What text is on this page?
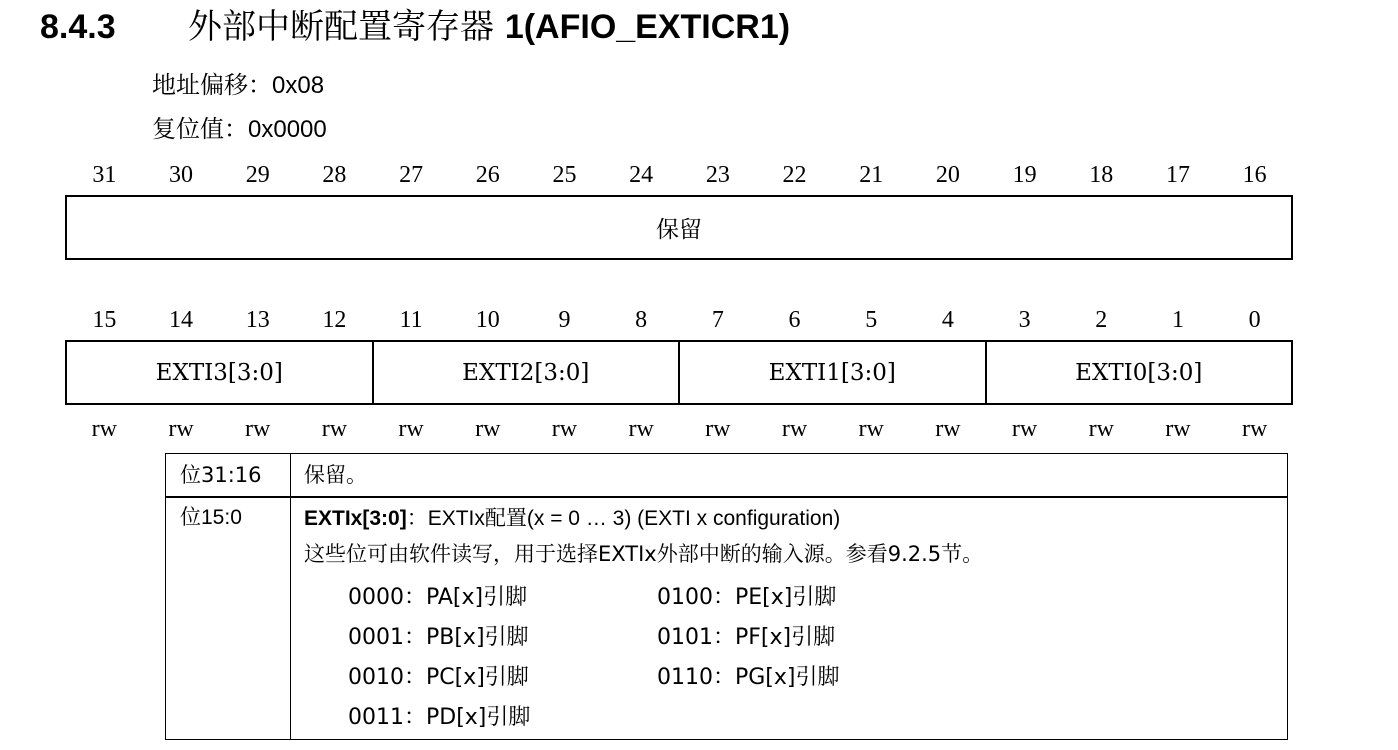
8.4.3 外部中断配置寄存器 1(AFIO_EXTICR1)
地址偏移：0x08
复位值：0x0000
31	30	29	28	27	26	25	24	23	22	21	20	19	18	17	16
保留
15	14	13	12	11	10	9	8	7	6	5	4	3	2	1	0
EXTI3[3:0]	EXTI2[3:0]	EXTI1[3:0]	EXTI0[3:0]
rw	rw	rw	rw	rw	rw	rw	rw	rw	rw	rw	rw	rw	rw	rw	rw
位31:16 保留。
位15:0	EXTIx[3:0]：EXTIx配置(x = 0 … 3) (EXTI x configuration)
这些位可由软件读写，用于选择EXTIx外部中断的输入源。参看9.2.5节。
0000：PA[x]引脚
0001：PB[x]引脚
0010：PC[x]引脚
0011：PD[x]引脚
0100：PE[x]引脚
0101：PF[x]引脚
0110：PG[x]引脚
